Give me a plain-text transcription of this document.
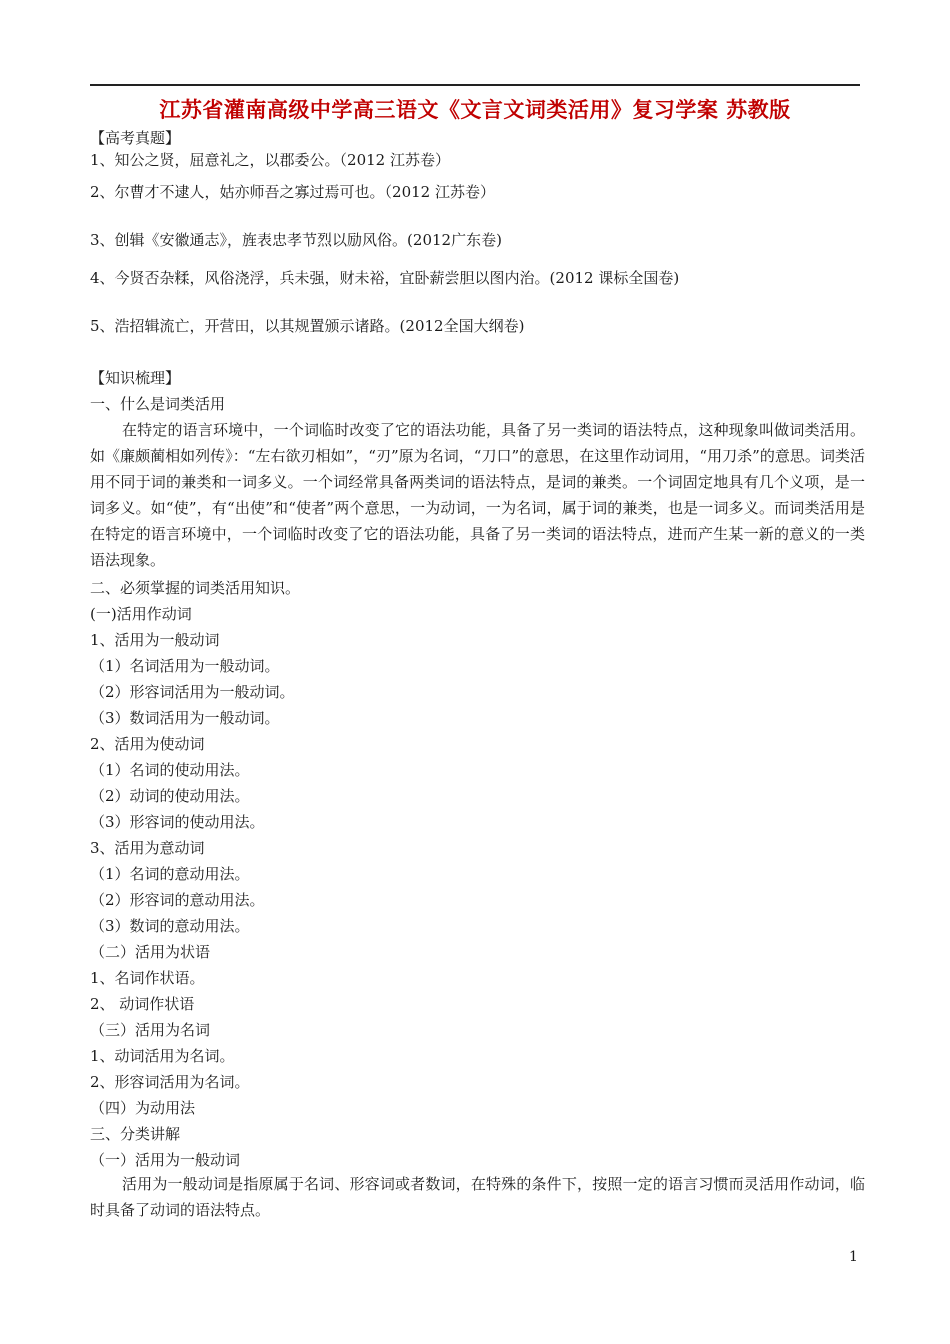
江苏省灌南高级中学高三语文《文言文词类活用》复习学案 苏教版
【高考真题】
1、知公之贤，屈意礼之，以郡委公。（2012 江苏卷）
2、尔曹才不逮人，姑亦师吾之寡过焉可也。（2012 江苏卷）
3、创辑《安徽通志》，旌表忠孝节烈以励风俗。(2012广东卷)
4、今贤否杂糅，风俗浇浮，兵未强，财未裕，宜卧薪尝胆以图内治。(2012 课标全国卷)
5、浩招辑流亡，开营田，以其规置颁示诸路。(2012全国大纲卷)
【知识梳理】
一、什么是词类活用
在特定的语言环境中，一个词临时改变了它的语法功能，具备了另一类词的语法特点，这种现象叫做词类活用。如《廉颇蔺相如列传》：“左右欲刃相如”，“刃”原为名词，“刀口”的意思，在这里作动词用，“用刀杀”的意思。词类活用不同于词的兼类和一词多义。一个词经常具备两类词的语法特点，是词的兼类。一个词固定地具有几个义项，是一词多义。如“使”，有“出使”和“使者”两个意思，一为动词，一为名词，属于词的兼类，也是一词多义。而词类活用是在特定的语言环境中，一个词临时改变了它的语法功能，具备了另一类词的语法特点，进而产生某一新的意义的一类语法现象。
二、必须掌握的词类活用知识。
(一)活用作动词
1、活用为一般动词
（1）名词活用为一般动词。
（2）形容词活用为一般动词。
（3）数词活用为一般动词。
2、活用为使动词
（1）名词的使动用法。
（2）动词的使动用法。
（3）形容词的使动用法。
3、活用为意动词
（1）名词的意动用法。
（2）形容词的意动用法。
（3）数词的意动用法。
（二）活用为状语
1、名词作状语。
2、 动词作状语
（三）活用为名词
1、动词活用为名词。
2、形容词活用为名词。
（四）为动用法
三、分类讲解
（一）活用为一般动词
活用为一般动词是指原属于名词、形容词或者数词，在特殊的条件下，按照一定的语言习惯而灵活用作动词，临时具备了动词的语法特点。
1
